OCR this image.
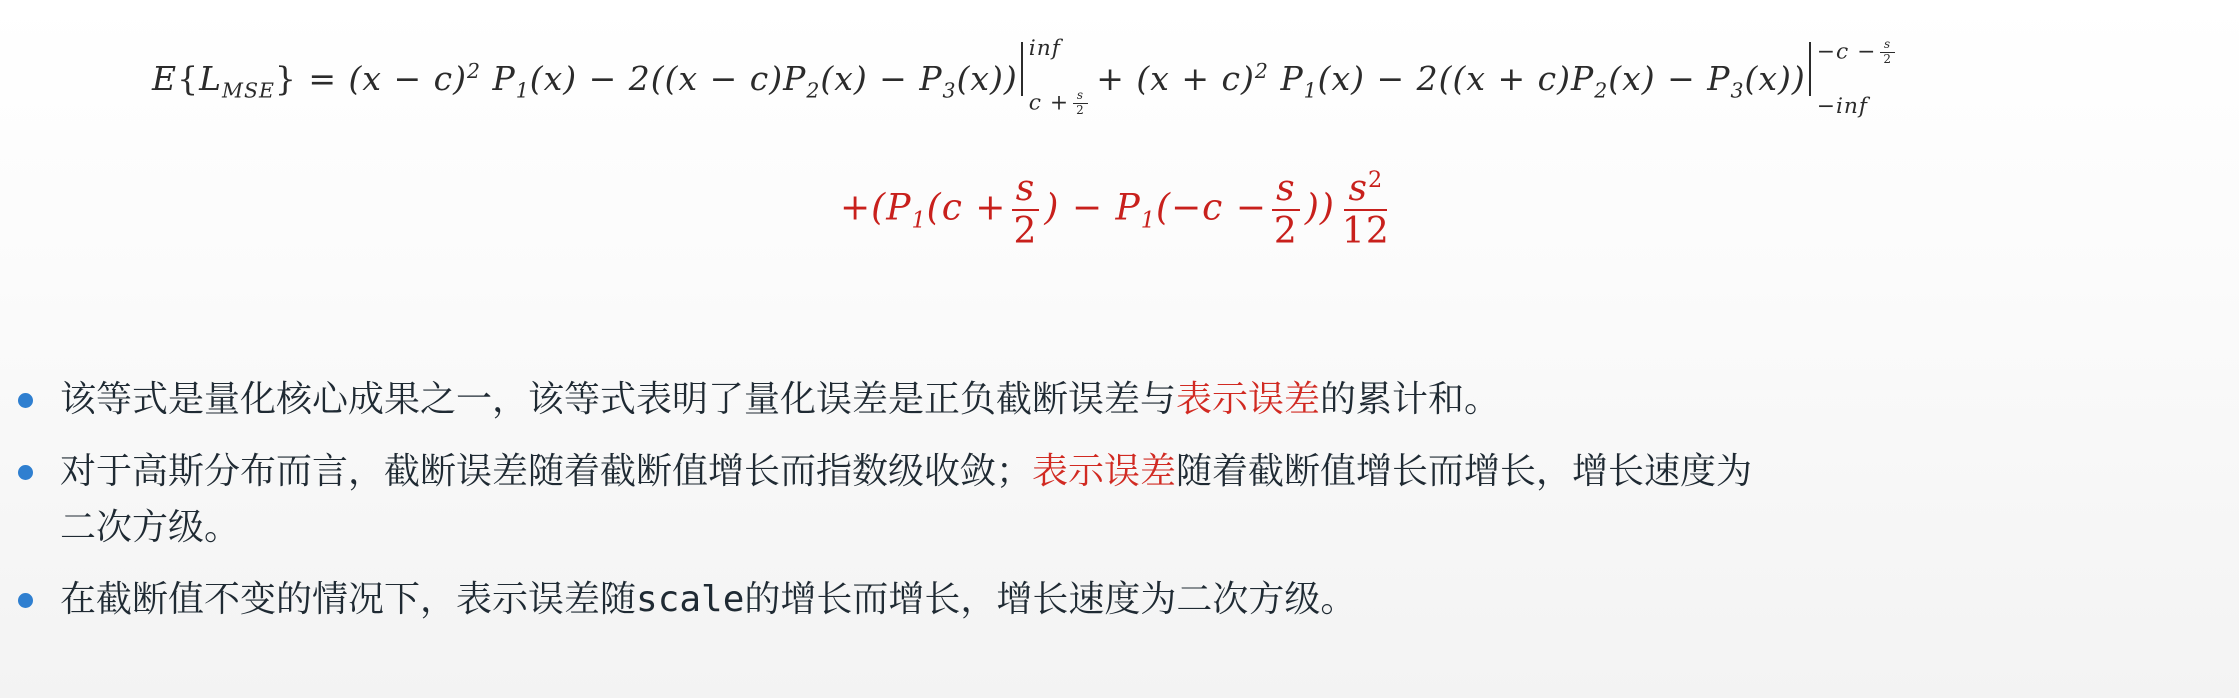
$E\{L_{MSE}\} = (x - c)^2$ $P_1(x) - 2((x - c)P_2(x) - P_3(x))$
inf
$c + \frac{s}{2}$
+ $(x + c)^2$ $P_1(x) - 2((x + c)P_2(x) - P_3(x))$
$-c - \frac{s}{2}$
−inf
$+(P_1(c + \frac{s}{2}$ ) − $P_1(-c - \frac{s}{2}$ )) $\frac{s^2}{12}$
该等式是量化核心成果之一，该等式表明了量化误差是正负截断误差与表示误差的累计和。
对于高斯分布而言，截断误差随着截断值增长而指数级收敛；表示误差随着截断值增长而增长，增长速度为
二次方级。
在截断值不变的情况下，表示误差随scale的增长而增长，增长速度为二次方级。
